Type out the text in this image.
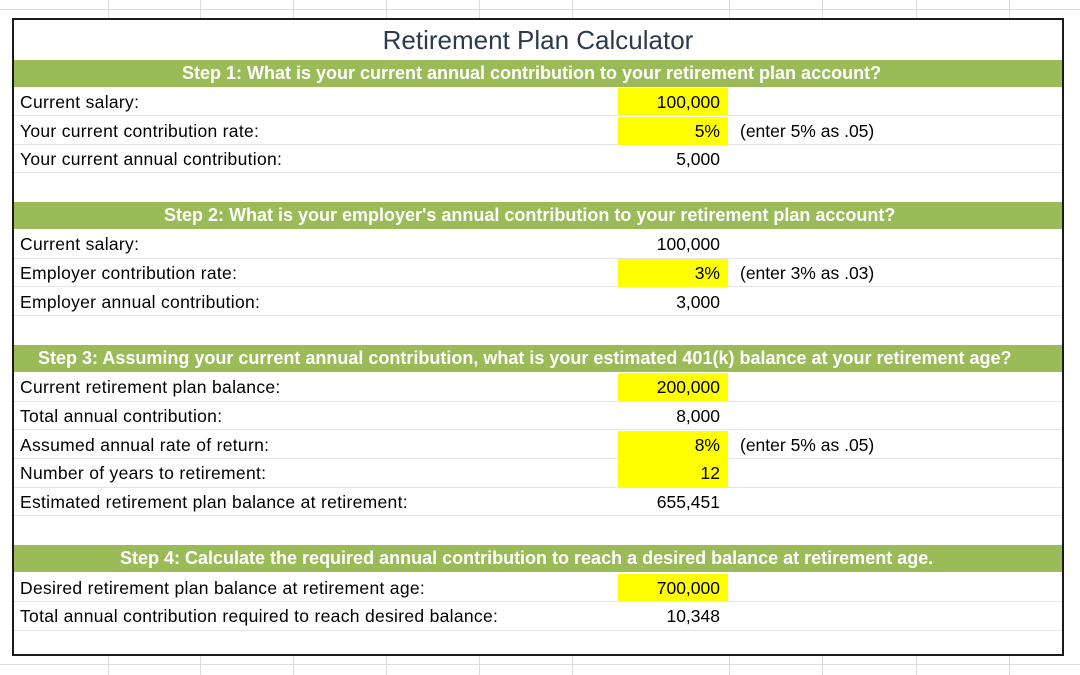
Retirement Plan Calculator
Step 1: What is your current annual contribution to your retirement plan account?
Current salary:	100,000
Your current contribution rate:	5%	(enter 5% as .05)
Your current annual contribution:	5,000
Step 2: What is your employer's annual contribution to your retirement plan account?
Current salary:	100,000
Employer contribution rate:	3%	(enter 3% as .03)
Employer annual contribution:	3,000
Step 3: Assuming your current annual contribution, what is your estimated 401(k) balance at your retirement age?
Current retirement plan balance:	200,000
Total annual contribution:	8,000
Assumed annual rate of return:	8%	(enter 5% as .05)
Number of years to retirement:	12
Estimated retirement plan balance at retirement:	655,451
Step 4: Calculate the required annual contribution to reach a desired balance at retirement age.
Desired retirement plan balance at retirement age:	700,000
Total annual contribution required to reach desired balance:	10,348
